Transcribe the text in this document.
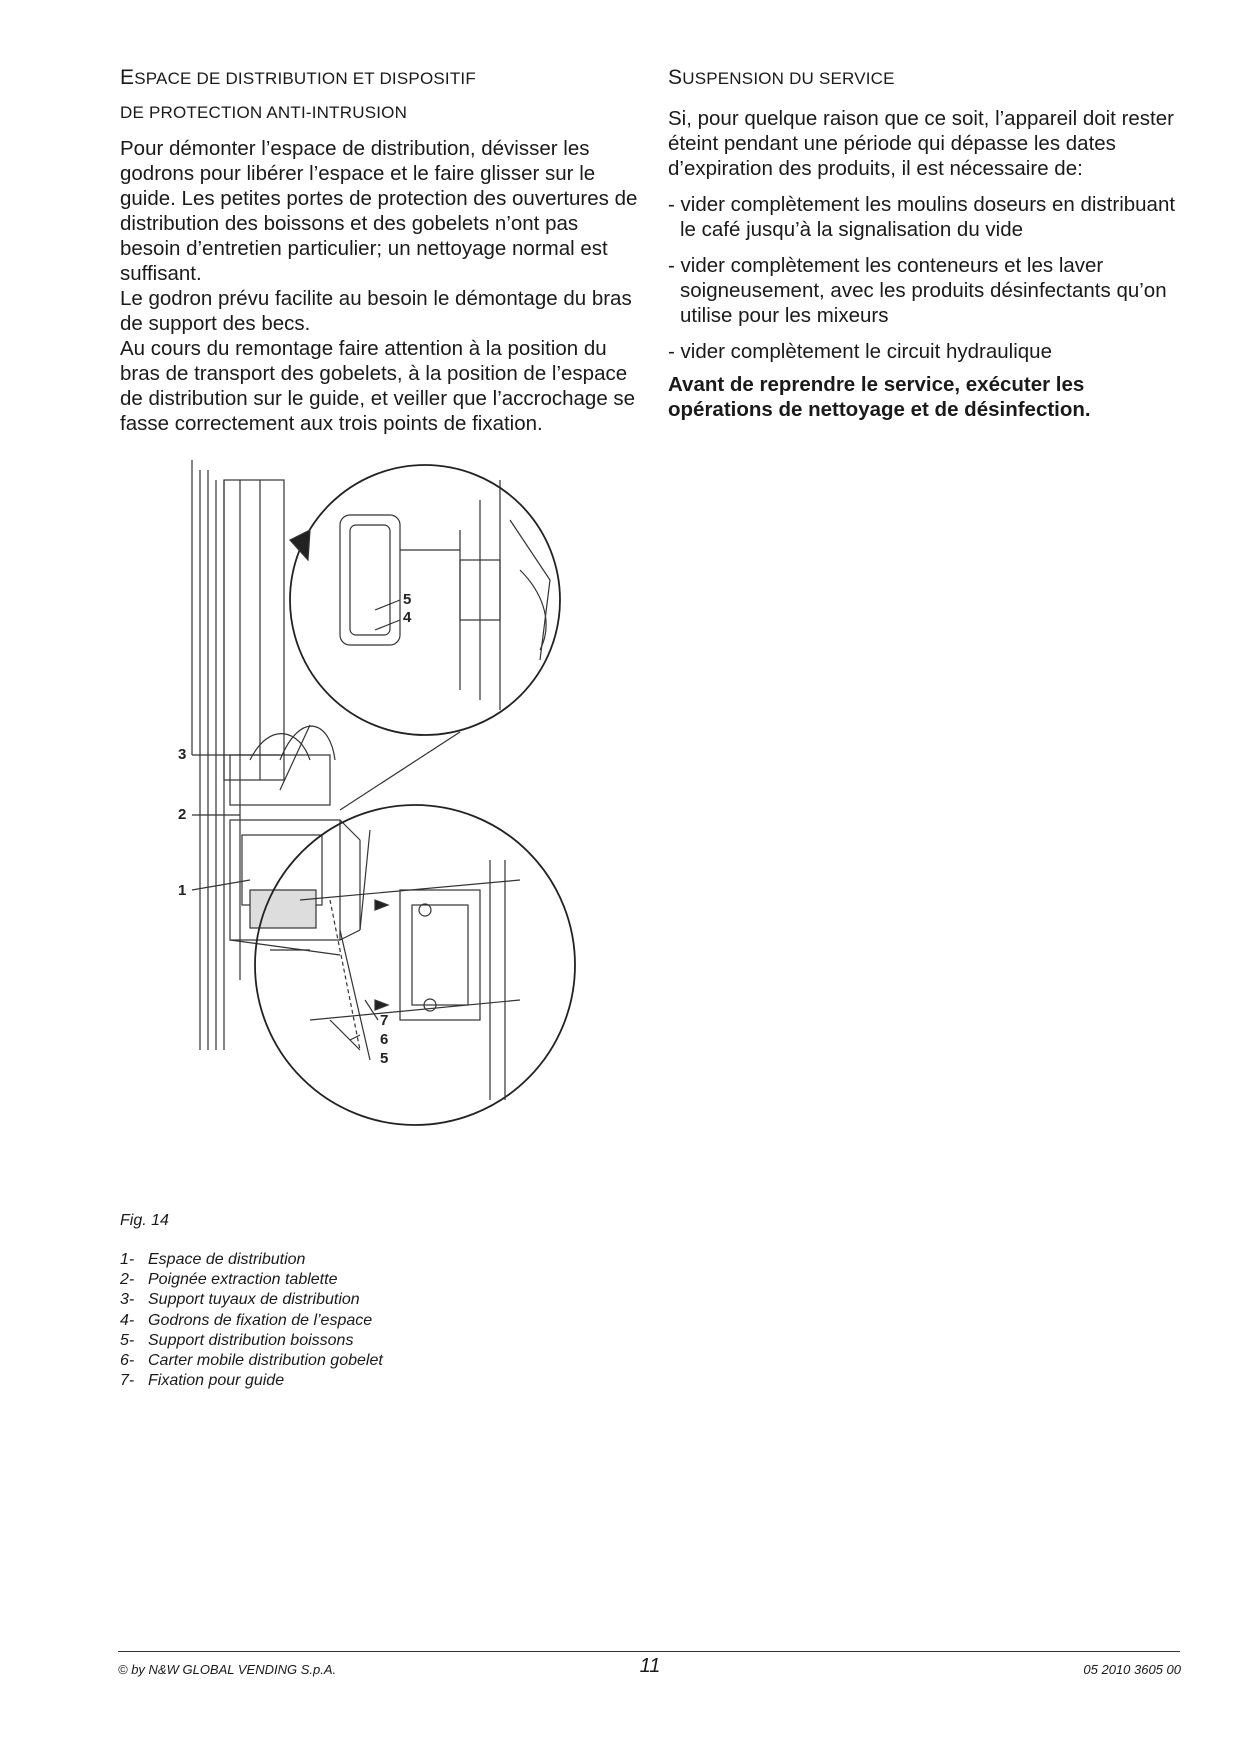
ESPACE DE DISTRIBUTION ET DISPOSITIF
DE PROTECTION ANTI-INTRUSION

Pour démonter l’espace de distribution, dévisser les godrons pour libérer l’espace et le faire glisser sur le guide. Les petites portes de protection des ouvertures de distribution des boissons et des gobelets n’ont pas besoin d’entretien particulier; un nettoyage normal est suffisant.

Le godron prévu facilite au besoin le démontage du bras de support des becs.

Au cours du remontage faire attention à la position du bras de transport des gobelets, à la position de l’espace de distribution sur le guide, et veiller que l’accrochage se fasse correctement aux trois points de fixation.

SUSPENSION DU SERVICE

Si, pour quelque raison que ce soit, l’appareil doit rester éteint pendant une période qui dépasse les dates d’expiration des produits, il est nécessaire de:

- vider complètement les moulins doseurs en distribuant le café jusqu’à la signalisation du vide

- vider complètement les conteneurs et les laver soigneusement, avec les produits désinfectants qu’on utilise pour les mixeurs

- vider complètement le circuit hydraulique

Avant de reprendre le service, exécuter les opérations de nettoyage et de désinfection.
3
2
1
5
4
7
6
5
Fig. 14
1- Espace de distribution
2- Poignée extraction tablette
3- Support tuyaux de distribution
4- Godrons de fixation de l’espace
5- Support distribution boissons
6- Carter mobile distribution gobelet
7- Fixation pour guide
© by N&W GLOBAL VENDING S.p.A.	11	05 2010 3605 00
